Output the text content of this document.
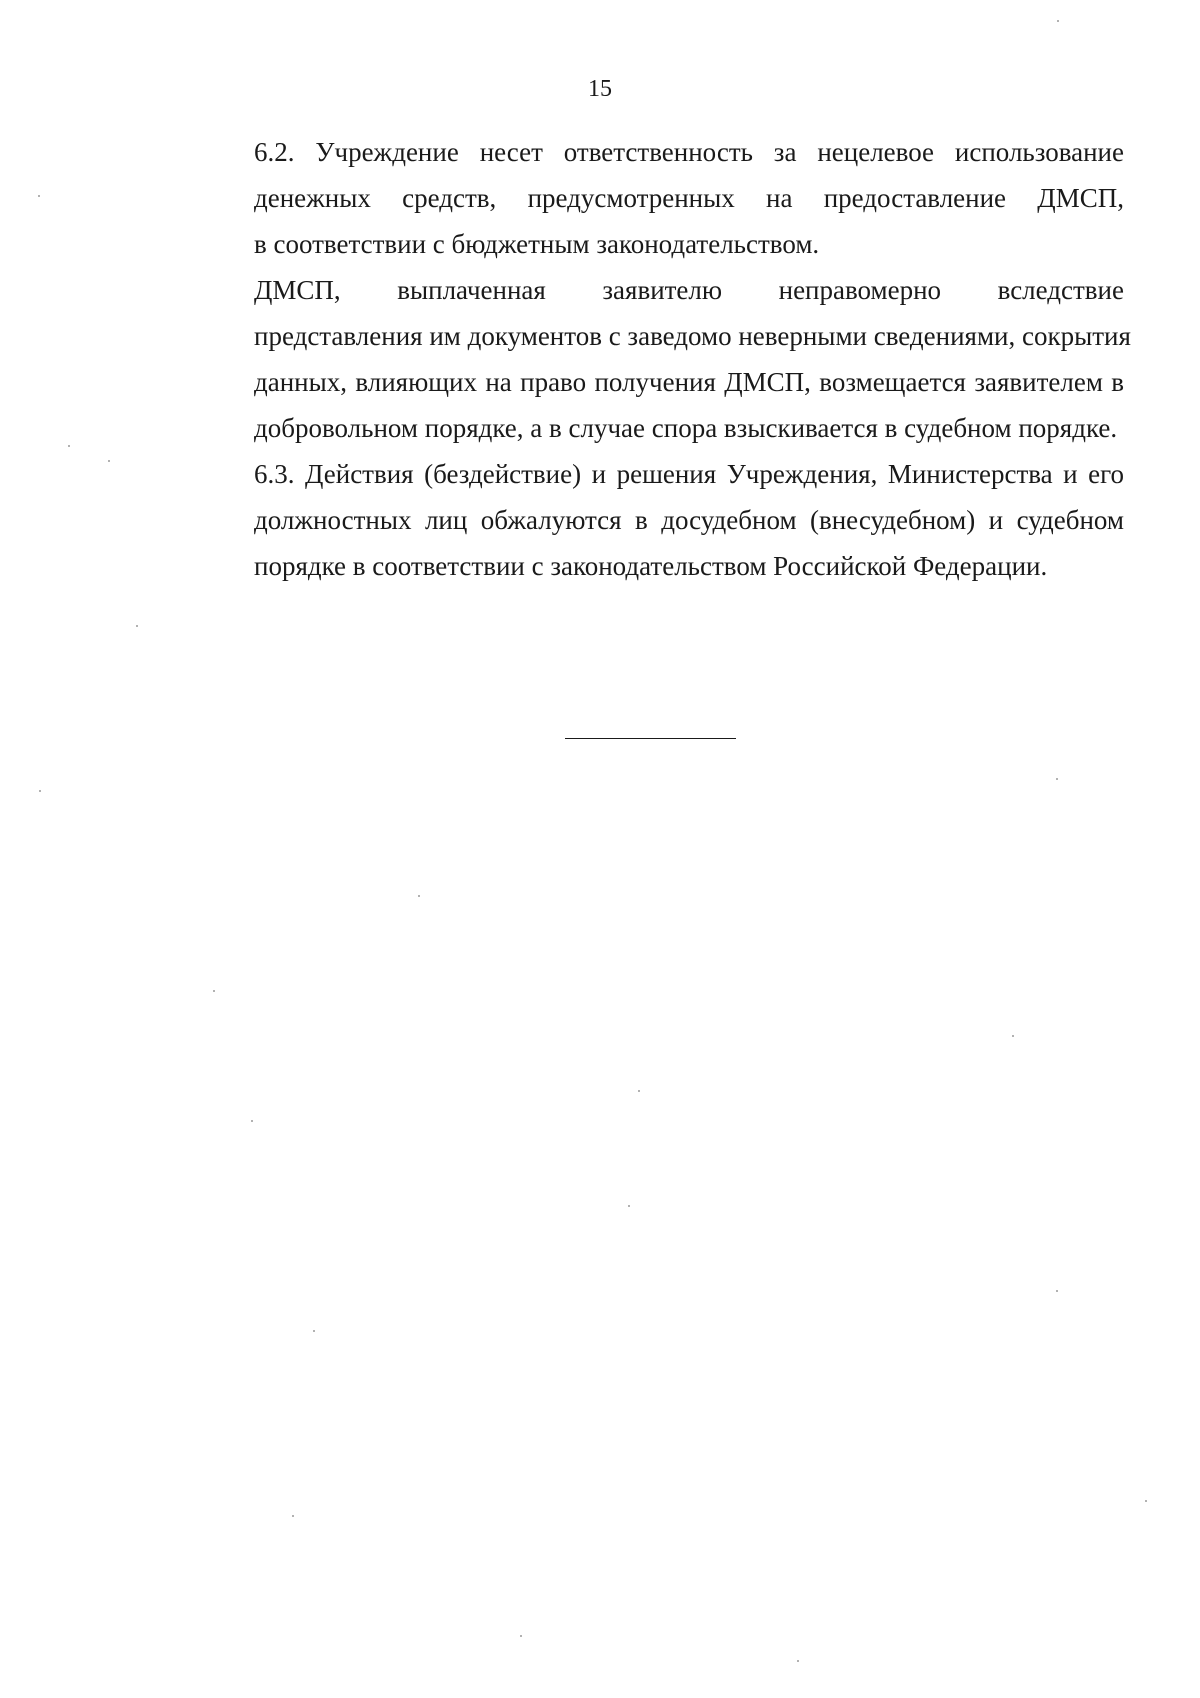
15

6.2. Учреждение несет ответственность за нецелевое использование
денежных средств, предусмотренных на предоставление ДМСП,
в соответствии с бюджетным законодательством.

ДМСП, выплаченная заявителю неправомерно вследствие
представления им документов с заведомо неверными сведениями, сокрытия
данных, влияющих на право получения ДМСП, возмещается заявителем в
добровольном порядке, а в случае спора взыскивается в судебном порядке.

6.3. Действия (бездействие) и решения Учреждения, Министерства и его
должностных лиц обжалуются в досудебном (внесудебном) и судебном
порядке в соответствии с законодательством Российской Федерации.
